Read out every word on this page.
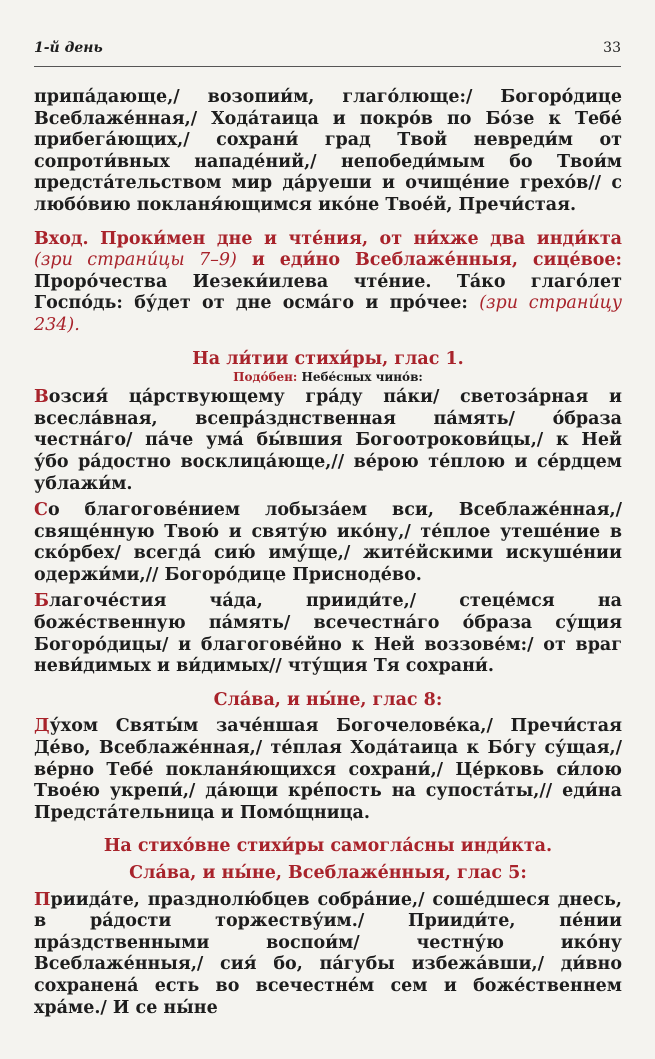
1-й день	33

припа́дающе,/ возопии́м, глаго́люще:/ Богоро́дице Всеблаже́нная,/ Хода́таица и покро́в по Бо́зе к Тебе́ прибега́ющих,/ сохрани́ град Твой невреди́м от сопроти́вных нападе́ний,/ непобеди́мым бо Твои́м предста́тельством мир да́руеши и очище́ние грехо́в// с любо́вию покланя́ющимся ико́не Твое́й, Пречи́стая.

Вход. Проки́мен дне и чте́ния, от ни́хже два инди́кта (зри страни́цы 7–9) и еди́но Всеблаже́нныя, сице́вое: Проро́чества Иезеки́илева чте́ние. Та́ко глаго́лет Госпо́дь: бу́дет от дне осма́го и про́чее: (зри страни́цу 234).

На ли́тии стихи́ры, глас 1.

Подо́бен: Небе́сных чино́в:

Возсия́ ца́рствующему гра́ду па́ки/ светоза́рная и всесла́вная, всепра́зднственная па́мять/ о́браза честна́го/ па́че ума́ бы́вшия Богоотрокови́цы,/ к Ней у́бо ра́достно восклица́юще,// ве́рою те́плою и се́рдцем ублажи́м.

Со благогове́нием лобыза́ем вси, Всеблаже́нная,/ свяще́нную Твою́ и святу́ю ико́ну,/ те́плое утеше́ние в ско́рбех/ всегда́ сию́ иму́ще,/ жите́йскими искуше́нии одержи́ми,// Богоро́дице Присноде́во.

Благоче́стия ча́да, прииди́те,/ стеце́мся на боже́ственную па́мять/ всечестна́го о́браза су́щия Богоро́дицы/ и благогове́йно к Ней воззове́м:/ от враг неви́димых и ви́димых// чту́щия Тя сохрани́.

Сла́ва, и ны́не, глас 8:

Ду́хом Святы́м заче́ншая Богочелове́ка,/ Пречи́стая Де́во, Всеблаже́нная,/ те́плая Хода́таица к Бо́гу су́щая,/ ве́рно Тебе́ покланя́ющихся сохрани́,/ Це́рковь си́лою Твое́ю укрепи́,/ да́ющи кре́пость на супоста́ты,// еди́на Предста́тельница и Помо́щница.

На стихо́вне стихи́ры самогла́сны инди́кта.

Сла́ва, и ны́не, Всеблаже́нныя, глас 5:

Приида́те, празднолю́бцев собра́ние,/ соше́дшеся днесь, в ра́дости торжеству́им./ Прииди́те, пе́нии пра́здственными воспои́м/ честну́ю ико́ну Всеблаже́нныя,/ сия́ бо, па́губы избежа́вши,/ ди́вно сохранена́ есть во всечестне́м сем и боже́ственнем хра́ме./ И се ны́не
